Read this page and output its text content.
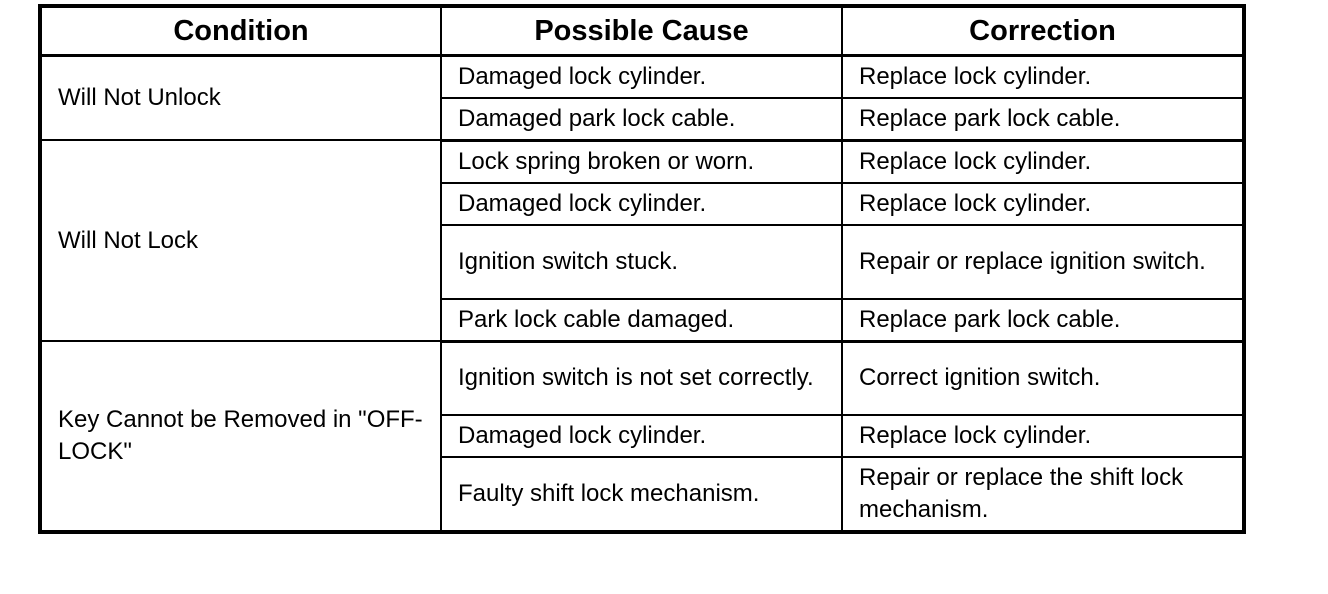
Condition	Possible Cause	Correction
Will Not Unlock	Damaged lock cylinder.	Replace lock cylinder.
	Damaged park lock cable.	Replace park lock cable.
Will Not Lock	Lock spring broken or worn.	Replace lock cylinder.
	Damaged lock cylinder.	Replace lock cylinder.
	Ignition switch stuck.	Repair or replace ignition switch.
	Park lock cable damaged.	Replace park lock cable.
Key Cannot be Removed in "OFF-LOCK"	Ignition switch is not set correctly.	Correct ignition switch.
	Damaged lock cylinder.	Replace lock cylinder.
	Faulty shift lock mechanism.	Repair or replace the shift lock mechanism.
